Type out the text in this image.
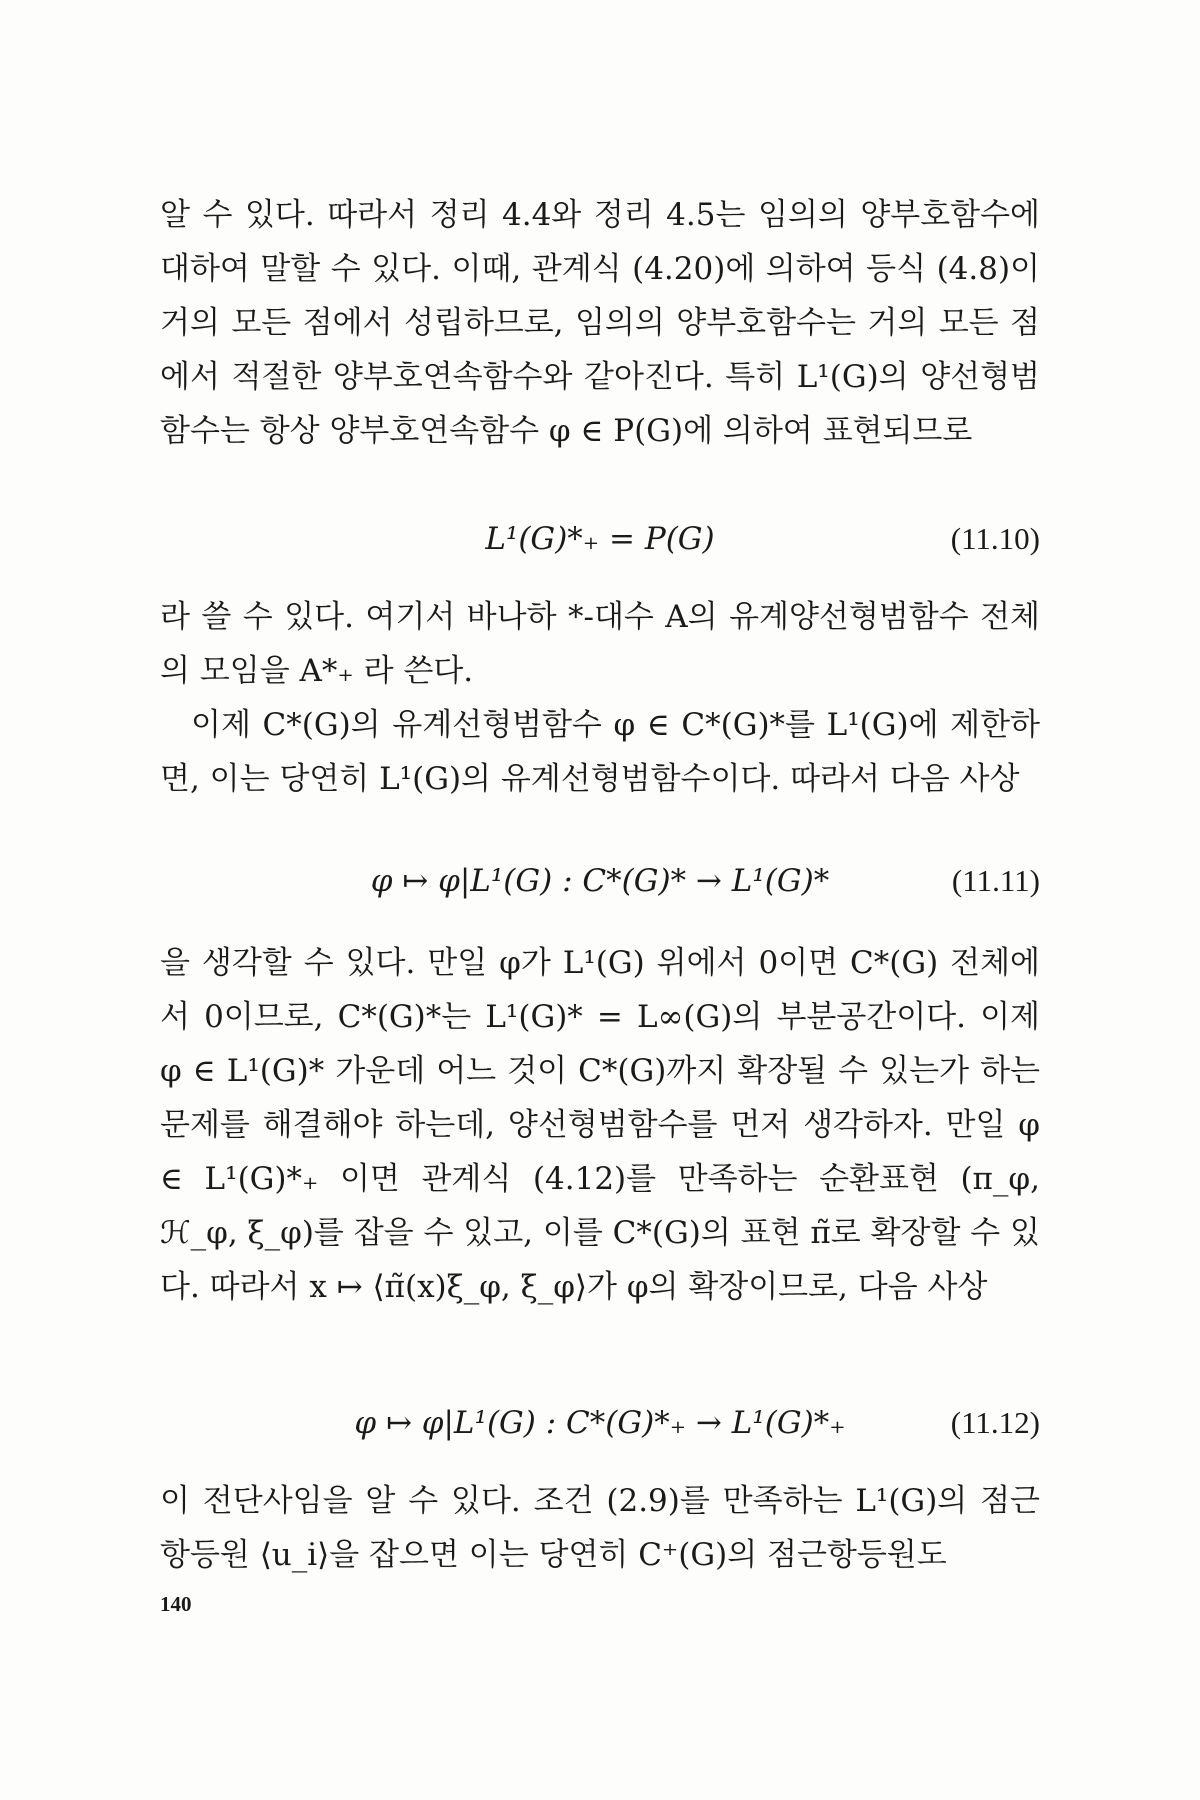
알 수 있다. 따라서 정리 4.4와 정리 4.5는 임의의 양부호함수에 대하여 말할 수 있다. 이때, 관계식 (4.20)에 의하여 등식 (4.8)이 거의 모든 점에서 성립하므로, 임의의 양부호함수는 거의 모든 점에서 적절한 양부호연속함수와 같아진다. 특히 L¹(G)의 양선형범함수는 항상 양부호연속함수 φ ∈ P(G)에 의하여 표현되므로

L¹(G)*₊ = P(G)	(11.10)

라 쓸 수 있다. 여기서 바나하 *-대수 A의 유계양선형범함수 전체의 모임을 A*₊ 라 쓴다.

이제 C*(G)의 유계선형범함수 φ ∈ C*(G)*를 L¹(G)에 제한하면, 이는 당연히 L¹(G)의 유계선형범함수이다. 따라서 다음 사상

φ ↦ φ|L¹(G) : C*(G)* → L¹(G)*	(11.11)

을 생각할 수 있다. 만일 φ가 L¹(G) 위에서 0이면 C*(G) 전체에서 0이므로, C*(G)*는 L¹(G)* = L∞(G)의 부분공간이다. 이제 φ ∈ L¹(G)* 가운데 어느 것이 C*(G)까지 확장될 수 있는가 하는 문제를 해결해야 하는데, 양선형범함수를 먼저 생각하자. 만일 φ ∈ L¹(G)*₊ 이면 관계식 (4.12)를 만족하는 순환표현 (π_φ, ℋ_φ, ξ_φ)를 잡을 수 있고, 이를 C*(G)의 표현 π̃로 확장할 수 있다. 따라서 x ↦ ⟨π̃(x)ξ_φ, ξ_φ⟩가 φ의 확장이므로, 다음 사상

φ ↦ φ|L¹(G) : C*(G)*₊ → L¹(G)*₊	(11.12)

이 전단사임을 알 수 있다. 조건 (2.9)를 만족하는 L¹(G)의 점근항등원 ⟨u_i⟩을 잡으면 이는 당연히 C⁺(G)의 점근항등원도

140
